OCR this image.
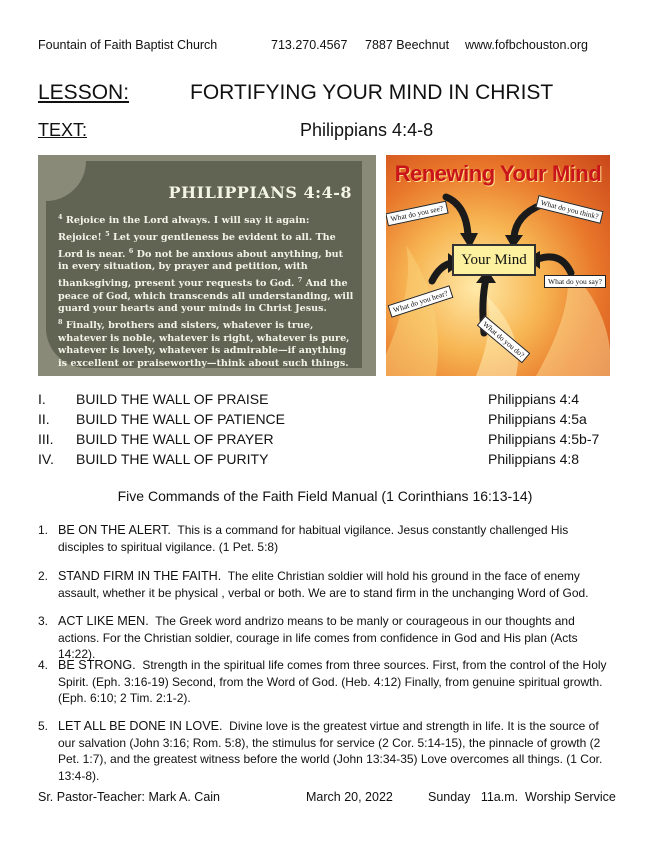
Fountain of Faith Baptist Church	713.270.4567 7887 Beechnut www.fofbchouston.org
LESSON:	FORTIFYING YOUR MIND IN CHRIST
TEXT:	Philippians 4:4-8
PHILIPPIANS 4:4-8
$^4$ Rejoice in the Lord always. I will say it again: Rejoice! $^5$ Let your gentleness be evident to all. The Lord is near. $^6$ Do not be anxious about anything, but in every situation, by prayer and petition, with thanksgiving, present your requests to God. $^7$ And the peace of God, which transcends all understanding, will guard your hearts and your minds in Christ Jesus.
$^8$ Finally, brothers and sisters, whatever is true, whatever is noble, whatever is right, whatever is pure, whatever is lovely, whatever is admirable—if anything is excellent or praiseworthy—think about such things.
Renewing Your Mind
What do you see?	What do you think?
What do you say?
What do you hear?
What do you do?
Your Mind
I. BUILD THE WALL OF PRAISE	Philippians 4:4
II. BUILD THE WALL OF PATIENCE	Philippians 4:5a
III. BUILD THE WALL OF PRAYER	Philippians 4:5b-7
IV. BUILD THE WALL OF PURITY	Philippians 4:8
Five Commands of the Faith Field Manual (1 Corinthians 16:13-14)
1. BE ON THE ALERT. This is a command for habitual vigilance. Jesus constantly challenged His disciples to spiritual vigilance. (1 Pet. 5:8)
2. STAND FIRM IN THE FAITH. The elite Christian soldier will hold his ground in the face of enemy assault, whether it be physical , verbal or both. We are to stand firm in the unchanging Word of God.
3. ACT LIKE MEN. The Greek word andrizo means to be manly or courageous in our thoughts and actions. For the Christian soldier, courage in life comes from confidence in God and His plan (Acts 14:22).
4. BE STRONG. Strength in the spiritual life comes from three sources. First, from the control of the Holy Spirit. (Eph. 3:16-19) Second, from the Word of God. (Heb. 4:12) Finally, from genuine spiritual growth. (Eph. 6:10; 2 Tim. 2:1-2).
5. LET ALL BE DONE IN LOVE. Divine love is the greatest virtue and strength in life. It is the source of our salvation (John 3:16; Rom. 5:8), the stimulus for service (2 Cor. 5:14-15), the pinnacle of growth (2 Pet. 1:7), and the greatest witness before the world (John 13:34-35) Love overcomes all things. (1 Cor. 13:4-8).
Sr. Pastor-Teacher: Mark A. Cain	March 20, 2022	Sunday   11a.m.  Worship Service
